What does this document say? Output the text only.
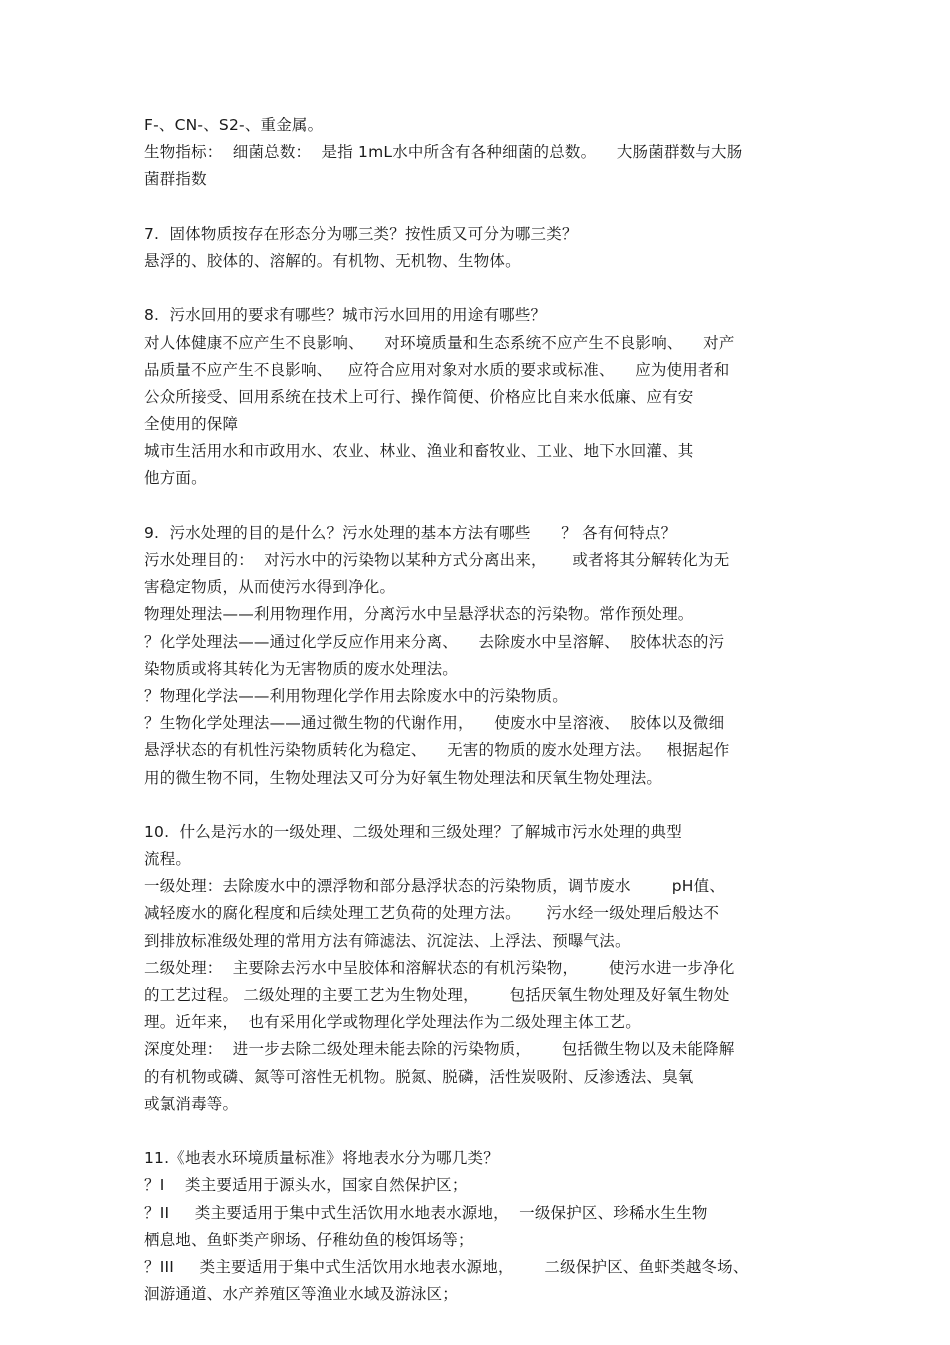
F-、CN-、S2-、重金属。
生物指标：  细菌总数：  是指 1mL水中所含有各种细菌的总数。    大肠菌群数与大肠
菌群指数
7.  固体物质按存在形态分为哪三类？按性质又可分为哪三类？
悬浮的、胶体的、溶解的。有机物、无机物、生物体。
8.  污水回用的要求有哪些？城市污水回用的用途有哪些？
对人体健康不应产生不良影响、    对环境质量和生态系统不应产生不良影响、    对产
品质量不应产生不良影响、   应符合应用对象对水质的要求或标准、    应为使用者和
公众所接受、回用系统在技术上可行、操作简便、价格应比自来水低廉、应有安
全使用的保障
城市生活用水和市政用水、农业、林业、渔业和畜牧业、工业、地下水回灌、其
他方面。
9.  污水处理的目的是什么？污水处理的基本方法有哪些      ？ 各有何特点？
污水处理目的：  对污水中的污染物以某种方式分离出来，     或者将其分解转化为无
害稳定物质，从而使污水得到净化。
物理处理法——利用物理作用，分离污水中呈悬浮状态的污染物。常作预处理。
？化学处理法——通过化学反应作用来分离、    去除废水中呈溶解、  胶体状态的污
染物质或将其转化为无害物质的废水处理法。
？物理化学法——利用物理化学作用去除废水中的污染物质。
？生物化学处理法——通过微生物的代谢作用，    使废水中呈溶液、  胶体以及微细
悬浮状态的有机性污染物质转化为稳定、    无害的物质的废水处理方法。   根据起作
用的微生物不同，生物处理法又可分为好氧生物处理法和厌氧生物处理法。
10.  什么是污水的一级处理、二级处理和三级处理？了解城市污水处理的典型
流程。
一级处理：去除废水中的漂浮物和部分悬浮状态的污染物质，调节废水        pH值、
减轻废水的腐化程度和后续处理工艺负荷的处理方法。     污水经一级处理后般达不
到排放标准级处理的常用方法有筛滤法、沉淀法、上浮法、预曝气法。
二级处理：  主要除去污水中呈胶体和溶解状态的有机污染物，      使污水进一步净化
的工艺过程。 二级处理的主要工艺为生物处理，      包括厌氧生物处理及好氧生物处
理。近年来，  也有采用化学或物理化学处理法作为二级处理主体工艺。
深度处理：  进一步去除二级处理未能去除的污染物质，      包括微生物以及未能降解
的有机物或磷、氮等可溶性无机物。脱氮、脱磷，活性炭吸附、反渗透法、臭氧
或氯消毒等。
11.《地表水环境质量标准》将地表水分为哪几类？
？I    类主要适用于源头水，国家自然保护区；
？II     类主要适用于集中式生活饮用水地表水源地，  一级保护区、珍稀水生生物
栖息地、鱼虾类产卵场、仔稚幼鱼的梭饵场等；
？III     类主要适用于集中式生活饮用水地表水源地，      二级保护区、鱼虾类越冬场、
洄游通道、水产养殖区等渔业水域及游泳区；
